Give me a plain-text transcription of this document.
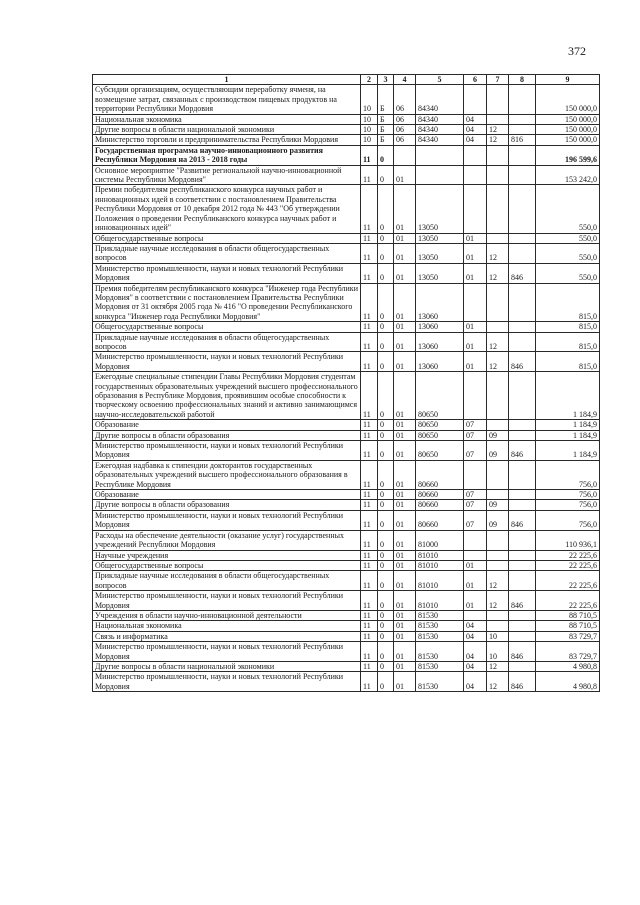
372
1	2	3	4	5	6	7	8	9
Субсидии организациям, осуществляющим переработку ячменя, на возмещение затрат, связанных с производством пищевых продуктов на территории Республики Мордовия	10	Б	06	84340				150 000,0
Национальная экономика	10	Б	06	84340	04			150 000,0
Другие вопросы в области национальной экономики	10	Б	06	84340	04	12		150 000,0
Министерство торговли и предпринимательства Республики Мордовия	10	Б	06	84340	04	12	816	150 000,0
Государственная программа научно-инновационного развития Республики Мордовия на 2013 - 2018 годы	11	0						196 599,6
Основное мероприятие "Развитие региональной научно-инновационной системы Республики Мордовия"	11	0	01					153 242,0
Премии победителям республиканского конкурса научных работ и инновационных идей в соответствии с постановлением Правительства Республики Мордовия от 10 декабря 2012 года № 443 "Об утверждении Положения о проведении Республиканского конкурса научных работ и инновационных идей"	11	0	01	13050				550,0
Общегосударственные вопросы	11	0	01	13050	01			550,0
Прикладные научные исследования в области общегосударственных вопросов	11	0	01	13050	01	12		550,0
Министерство промышленности, науки и новых технологий Республики Мордовия	11	0	01	13050	01	12	846	550,0
Премия победителям республиканского конкурса "Инженер года Республики Мордовия" в соответствии с постановлением Правительства Республики Мордовия от 31 октября 2005 года № 416 "О проведении Республиканского конкурса "Инженер года Республики Мордовия"	11	0	01	13060				815,0
Общегосударственные вопросы	11	0	01	13060	01			815,0
Прикладные научные исследования в области общегосударственных вопросов	11	0	01	13060	01	12		815,0
Министерство промышленности, науки и новых технологий Республики Мордовия	11	0	01	13060	01	12	846	815,0
Ежегодные специальные стипендии Главы Республики Мордовия студентам государственных образовательных учреждений высшего профессионального образования в Республике Мордовия, проявившим особые способности к творческому освоению профессиональных знаний и активно занимающимся научно-исследовательской работой	11	0	01	80650				1 184,9
Образование	11	0	01	80650	07			1 184,9
Другие вопросы в области образования	11	0	01	80650	07	09		1 184,9
Министерство промышленности, науки и новых технологий Республики Мордовия	11	0	01	80650	07	09	846	1 184,9
Ежегодная надбавка к стипендии докторантов государственных образовательных учреждений высшего профессионального образования в Республике Мордовия	11	0	01	80660				756,0
Образование	11	0	01	80660	07			756,0
Другие вопросы в области образования	11	0	01	80660	07	09		756,0
Министерство промышленности, науки и новых технологий Республики Мордовия	11	0	01	80660	07	09	846	756,0
Расходы на обеспечение деятельности (оказание услуг) государственных учреждений Республики Мордовия	11	0	01	81000				110 936,1
Научные учреждения	11	0	01	81010				22 225,6
Общегосударственные вопросы	11	0	01	81010	01			22 225,6
Прикладные научные исследования в области общегосударственных вопросов	11	0	01	81010	01	12		22 225,6
Министерство промышленности, науки и новых технологий Республики Мордовия	11	0	01	81010	01	12	846	22 225,6
Учреждения в области научно-инновационной деятельности	11	0	01	81530				88 710,5
Национальная экономика	11	0	01	81530	04			88 710,5
Связь и информатика	11	0	01	81530	04	10		83 729,7
Министерство промышленности, науки и новых технологий Республики Мордовия	11	0	01	81530	04	10	846	83 729,7
Другие вопросы в области национальной экономики	11	0	01	81530	04	12		4 980,8
Министерство промышленности, науки и новых технологий Республики Мордовия	11	0	01	81530	04	12	846	4 980,8
